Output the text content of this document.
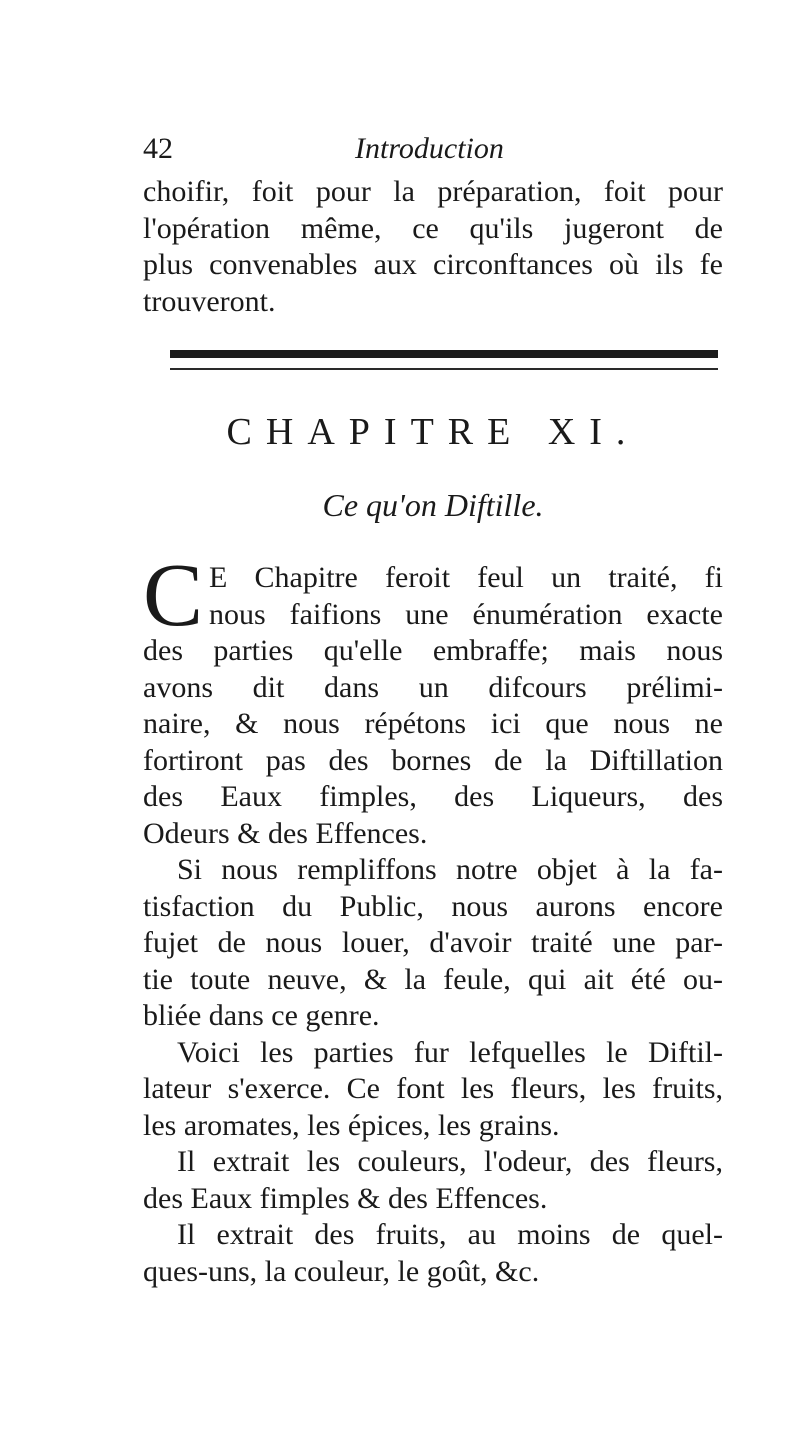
42	Introduction
choifir, foit pour la préparation, foit pour
l'opération même, ce qu'ils jugeront de
plus convenables aux circonftances où ils fe
trouveront.
CHAPITRE XI.
Ce qu'on Diftille.
C E Chapitre feroit feul un traité, fi
nous faifions une énumération exacte
des parties qu'elle embraffe; mais nous
avons dit dans un difcours prélimi-
naire, & nous répétons ici que nous ne
fortiront pas des bornes de la Diftillation
des Eaux fimples, des Liqueurs, des
Odeurs & des Effences.
Si nous rempliffons notre objet à la fa-
tisfaction du Public, nous aurons encore
fujet de nous louer, d'avoir traité une par-
tie toute neuve, & la feule, qui ait été ou-
bliée dans ce genre.
Voici les parties fur lefquelles le Diftil-
lateur s'exerce. Ce font les fleurs, les fruits,
les aromates, les épices, les grains.
Il extrait les couleurs, l'odeur, des fleurs,
des Eaux fimples & des Effences.
Il extrait des fruits, au moins de quel-
ques-uns, la couleur, le goût, &c.
